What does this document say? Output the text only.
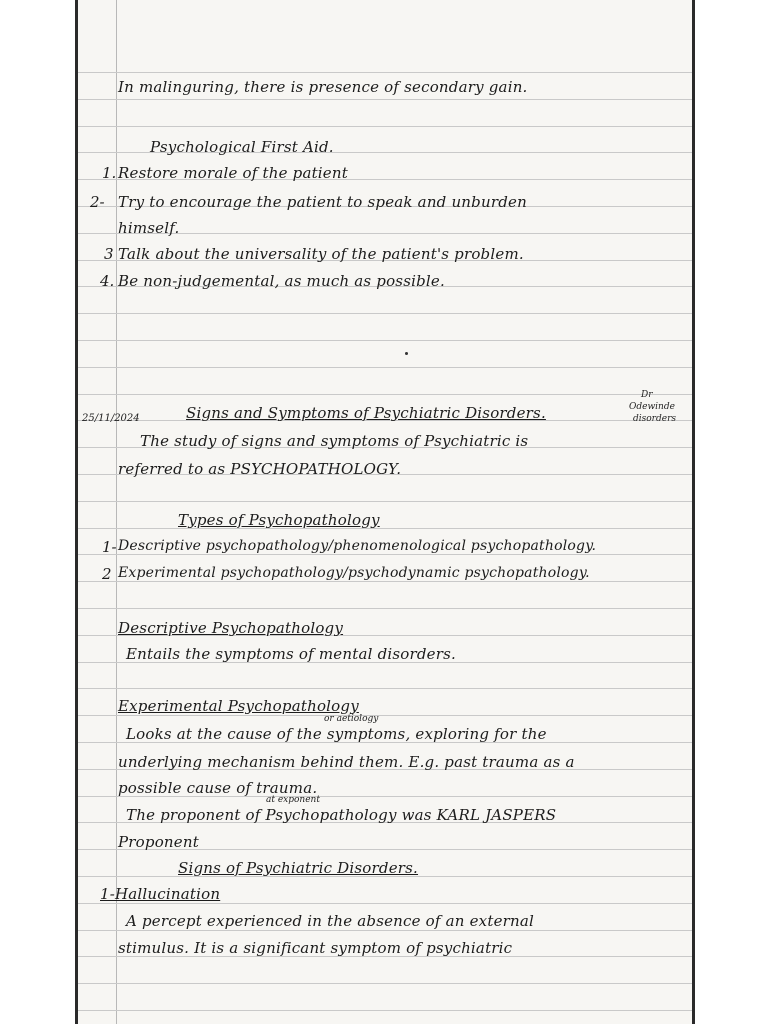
In malinguring, there is presence of secondary gain.
Psychological First Aid.
1. Restore morale of the patient
2- Try to encourage the patient to speak and unburden
himself.
3 Talk about the universality of the patient's problem.
4. Be non-judgemental, as much as possible.
25/11/2024	Signs and Symptoms of Psychiatric Disorders.
Dr
Odewinde
disorders
The study of signs and symptoms of Psychiatric is
referred to as PSYCHOPATHOLOGY.
Types of Psychopathology
1- Descriptive psychopathology/phenomenological psychopathology.
2 Experimental psychopathology/psychodynamic psychopathology.
Descriptive Psychopathology
Entails the symptoms of mental disorders.
Experimental Psychopathology
or aetiology
Looks at the cause of the symptoms, exploring for the
underlying mechanism behind them. E.g. past trauma as a
possible cause of trauma.
at exponent
The proponent of Psychopathology was KARL JASPERS
Proponent
Signs of Psychiatric Disorders.
1-Hallucination
A percept experienced in the absence of an external
stimulus. It is a significant symptom of psychiatric
